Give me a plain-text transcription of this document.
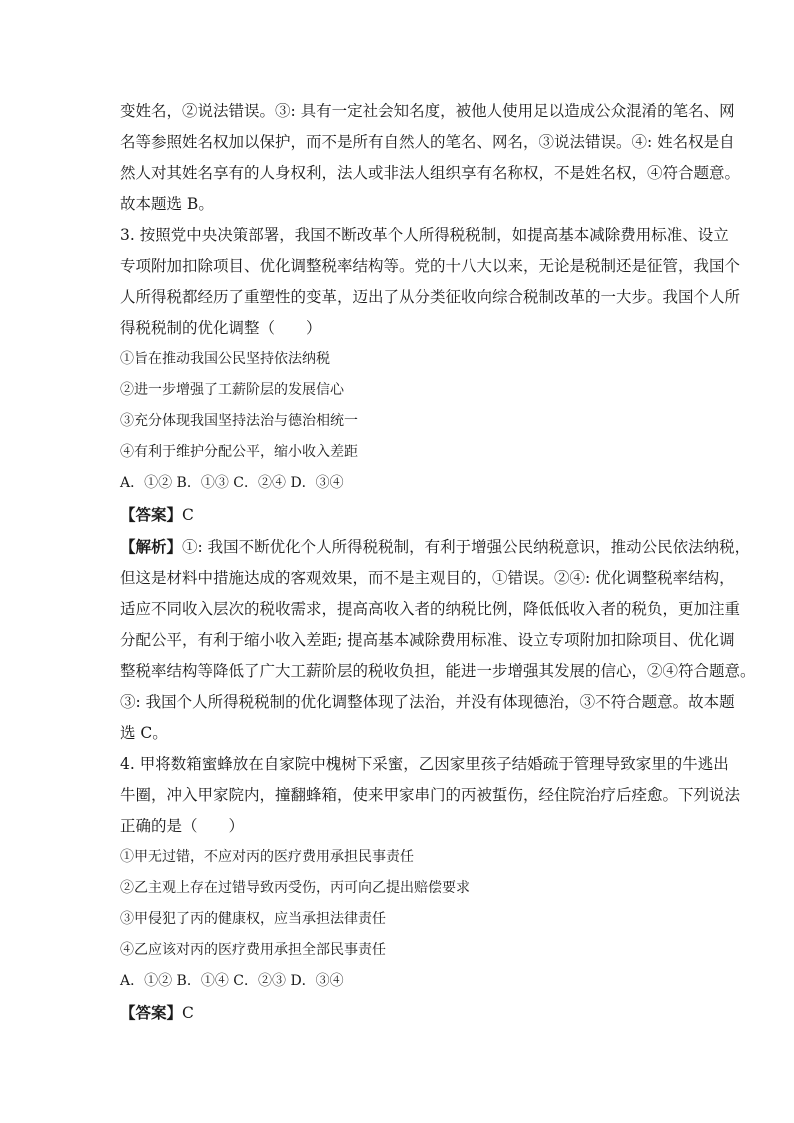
变姓名，②说法错误。③: 具有一定社会知名度，被他人使用足以造成公众混淆的笔名、网
名等参照姓名权加以保护，而不是所有自然人的笔名、网名，③说法错误。④: 姓名权是自
然人对其姓名享有的人身权利，法人或非法人组织享有名称权，不是姓名权，④符合题意。
故本题选 B。
3. 按照党中央决策部署，我国不断改革个人所得税税制，如提高基本减除费用标准、设立
专项附加扣除项目、优化调整税率结构等。党的十八大以来，无论是税制还是征管，我国个
人所得税都经历了重塑性的变革，迈出了从分类征收向综合税制改革的一大步。我国个人所
得税税制的优化调整（　　）
①旨在推动我国公民坚持依法纳税
②进一步增强了工薪阶层的发展信心
③充分体现我国坚持法治与德治相统一
④有利于维护分配公平，缩小收入差距
A．①② B．①③ C．②④ D．③④
【答案】C
【解析】①: 我国不断优化个人所得税税制，有利于增强公民纳税意识，推动公民依法纳税，
但这是材料中措施达成的客观效果，而不是主观目的，①错误。②④: 优化调整税率结构，
适应不同收入层次的税收需求，提高高收入者的纳税比例，降低低收入者的税负，更加注重
分配公平，有利于缩小收入差距; 提高基本减除费用标准、设立专项附加扣除项目、优化调
整税率结构等降低了广大工薪阶层的税收负担，能进一步增强其发展的信心，②④符合题意。
③: 我国个人所得税税制的优化调整体现了法治，并没有体现德治，③不符合题意。故本题
选 C。
4. 甲将数箱蜜蜂放在自家院中槐树下采蜜，乙因家里孩子结婚疏于管理导致家里的牛逃出
牛圈，冲入甲家院内，撞翻蜂箱，使来甲家串门的丙被蜇伤，经住院治疗后痊愈。下列说法
正确的是（　　）
①甲无过错，不应对丙的医疗费用承担民事责任
②乙主观上存在过错导致丙受伤，丙可向乙提出赔偿要求
③甲侵犯了丙的健康权，应当承担法律责任
④乙应该对丙的医疗费用承担全部民事责任
A．①② B．①④ C．②③ D．③④
【答案】C
